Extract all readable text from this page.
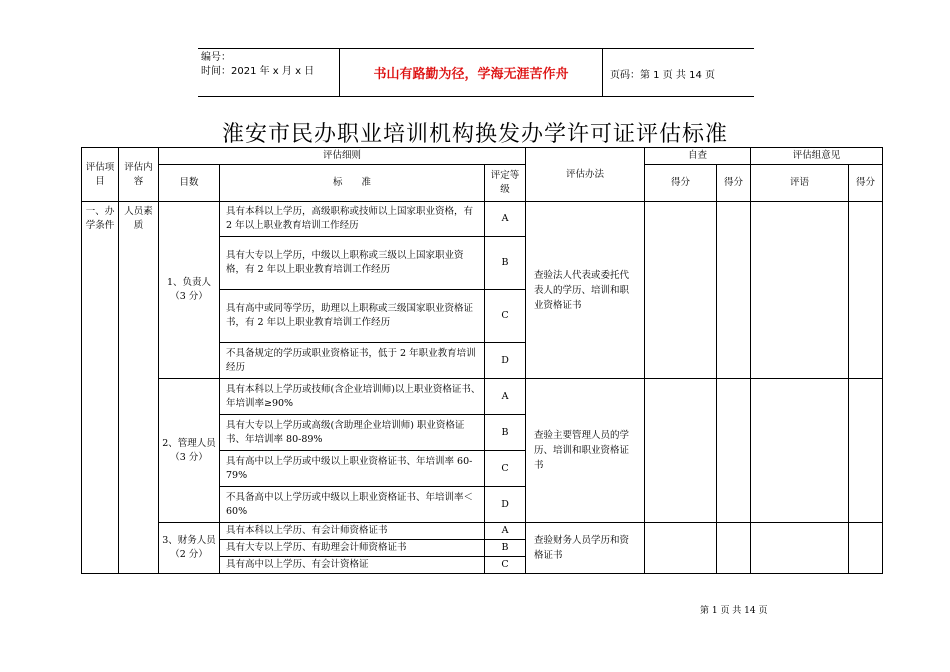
编号：
时间：2021 年 x 月 x 日	书山有路勤为径，学海无涯苦作舟	页码：第 1 页 共 14 页
淮安市民办职业培训机构换发办学许可证评估标准
评估项目	评估内容	评估细则			评估办法	自查		评估组意见	
		目数	标　　准	评定等级		得分	得分	评语	得分
一、办学条件	人员素质	1、负责人（3 分）	具有本科以上学历，高级职称或技师以上国家职业资格，有 2 年以上职业教育培训工作经历	A	查验法人代表或委托代表人的学历、培训和职业资格证书				
			具有大专以上学历，中级以上职称或三级以上国家职业资格，有 2 年以上职业教育培训工作经历	B					
			具有高中或同等学历，助理以上职称或三级国家职业资格证书，有 2 年以上职业教育培训工作经历	C					
			不具备规定的学历或职业资格证书，低于 2 年职业教育培训经历	D					
		2、管理人员（3 分）	具有本科以上学历或技师(含企业培训师)以上职业资格证书、年培训率≥90%	A	查验主要管理人员的学历、培训和职业资格证书				
			具有大专以上学历或高级(含助理企业培训师) 职业资格证书、年培训率 80-89%	B					
			具有高中以上学历或中级以上职业资格证书、年培训率 60-79%	C					
			不具备高中以上学历或中级以上职业资格证书、年培训率＜60%	D					
		3、财务人员（2 分）	具有本科以上学历、有会计师资格证书	A	查验财务人员学历和资格证书				
			具有大专以上学历、有助理会计师资格证书	B					
			具有高中以上学历、有会计资格证	C					
第 1 页 共 14 页
